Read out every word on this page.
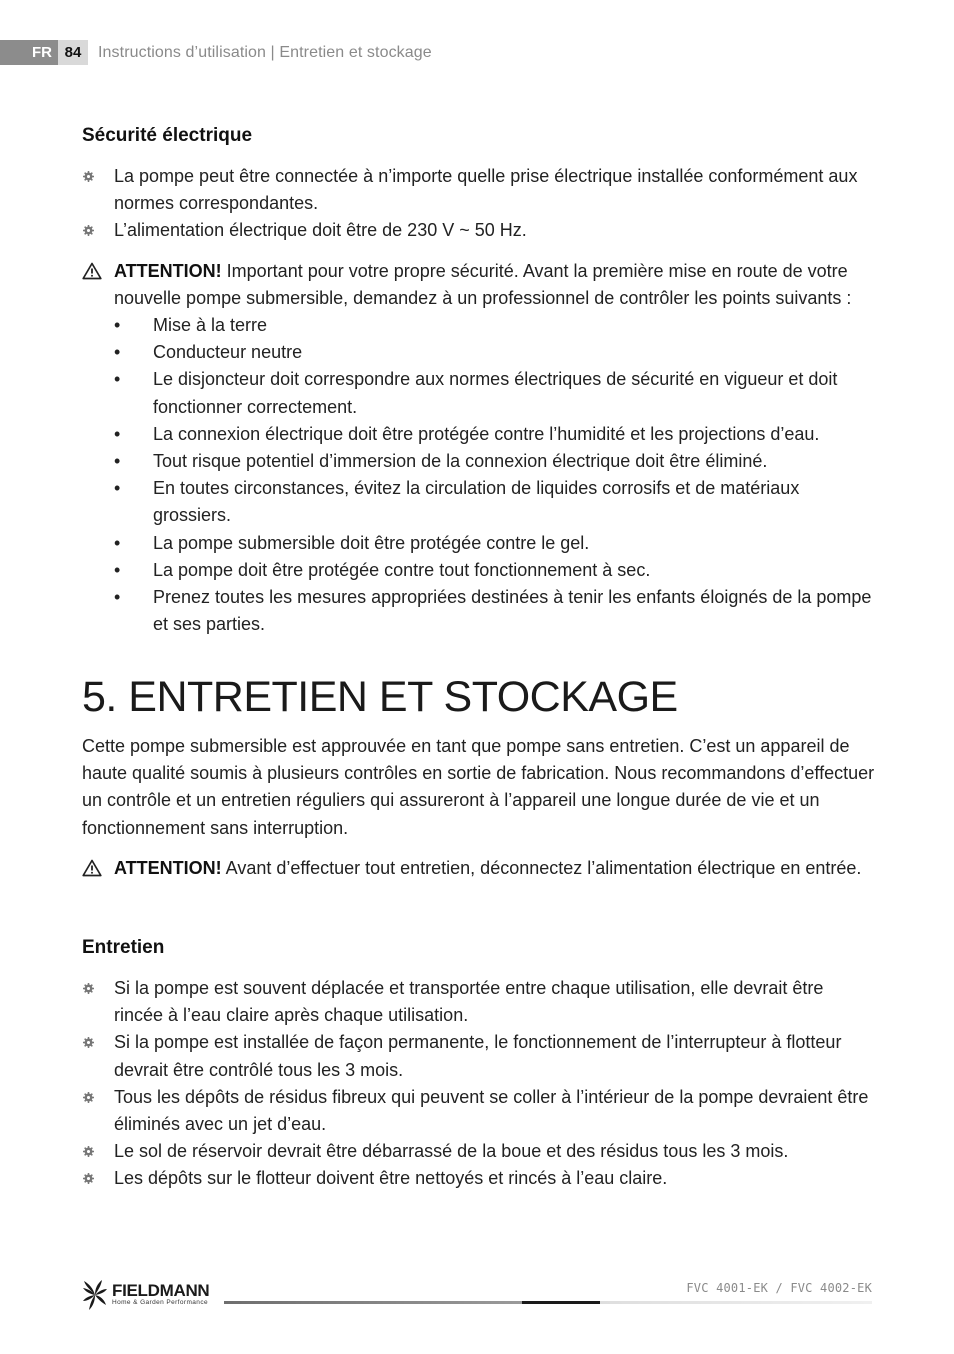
FR 84	Instructions d’utilisation | Entretien et stockage
Sécurité électrique
La pompe peut être connectée à n’importe quelle prise électrique installée conformément aux normes correspondantes.
L’alimentation électrique doit être de 230 V ~ 50 Hz.
ATTENTION! Important pour votre propre sécurité. Avant la première mise en route de votre nouvelle pompe submersible, demandez à un professionnel de contrôler les points suivants :
• Mise à la terre
• Conducteur neutre
• Le disjoncteur doit correspondre aux normes électriques de sécurité en vigueur et doit fonctionner correctement.
• La connexion électrique doit être protégée contre l’humidité et les projections d’eau.
• Tout risque potentiel d’immersion de la connexion électrique doit être éliminé.
• En toutes circonstances, évitez la circulation de liquides corrosifs et de matériaux grossiers.
• La pompe submersible doit être protégée contre le gel.
• La pompe doit être protégée contre tout fonctionnement à sec.
• Prenez toutes les mesures appropriées destinées à tenir les enfants éloignés de la pompe et ses parties.
5. ENTRETIEN ET STOCKAGE

Cette pompe submersible est approuvée en tant que pompe sans entretien. C’est un appareil de haute qualité soumis à plusieurs contrôles en sortie de fabrication. Nous recommandons d’effectuer un contrôle et un entretien réguliers qui assureront à l’appareil une longue durée de vie et un fonctionnement sans interruption.

ATTENTION! Avant d’effectuer tout entretien, déconnectez l’alimentation électrique en entrée.
Entretien
Si la pompe est souvent déplacée et transportée entre chaque utilisation, elle devrait être rincée à l’eau claire après chaque utilisation.
Si la pompe est installée de façon permanente, le fonctionnement de l’interrupteur à flotteur devrait être contrôlé tous les 3 mois.
Tous les dépôts de résidus fibreux qui peuvent se coller à l’intérieur de la pompe devraient être éliminés avec un jet d’eau.
Le sol de réservoir devrait être débarrassé de la boue et des résidus tous les 3 mois.
Les dépôts sur le flotteur doivent être nettoyés et rincés à l’eau claire.
FIELDMANN
Home & Garden Performance
FVC 4001-EK / FVC 4002-EK
